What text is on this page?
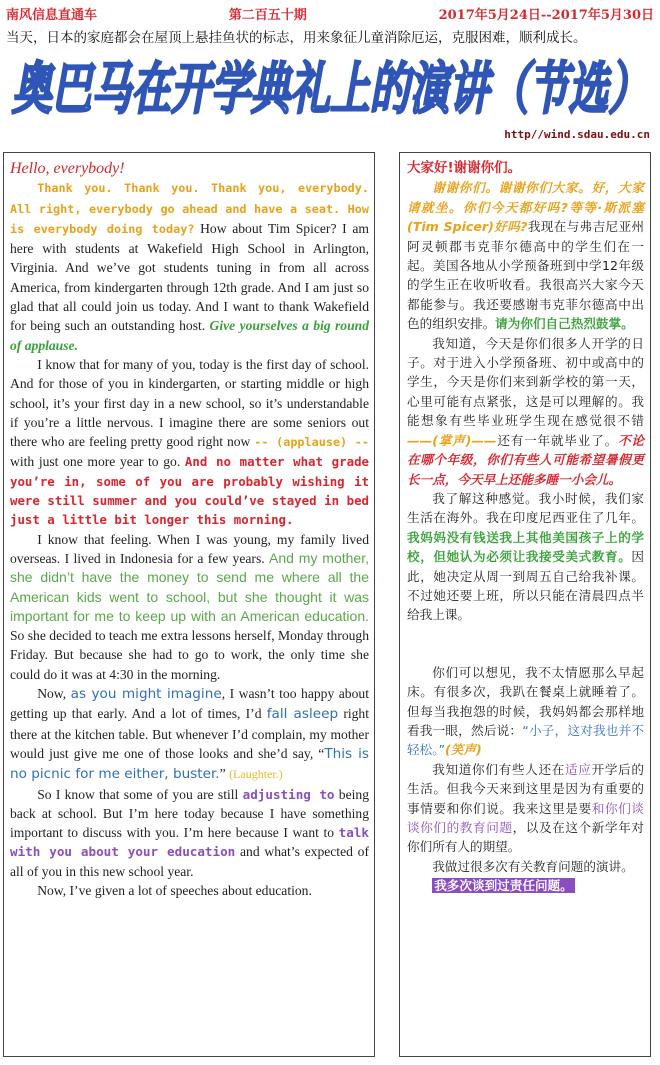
南风信息直通车	第二百五十期	2017年5月24日--2017年5月30日
当天，日本的家庭都会在屋顶上悬挂鱼状的标志，用来象征儿童消除厄运，克服困难，顺利成长。
奥巴马在开学典礼上的演讲（节选）
http//wind.sdau.edu.cn

Hello, everybody!

Thank you. Thank you. Thank you, everybody. All right, everybody go ahead and have a seat. How is everybody doing today? How about Tim Spicer? I am here with students at Wakefield High School in Arlington, Virginia. And we’ve got students tuning in from all across America, from kindergarten through 12th grade. And I am just so glad that all could join us today. And I want to thank Wakefield for being such an outstanding host. Give yourselves a big round of applause.

I know that for many of you, today is the first day of school. And for those of you in kindergarten, or starting middle or high school, it’s your first day in a new school, so it’s understandable if you’re a little nervous. I imagine there are some seniors out there who are feeling pretty good right now -- (applause) -- with just one more year to go. And no matter what grade you’re in, some of you are probably wishing it were still summer and you could’ve stayed in bed just a little bit longer this morning.

I know that feeling. When I was young, my family lived overseas. I lived in Indonesia for a few years. And my mother, she didn’t have the money to send me where all the American kids went to school, but she thought it was important for me to keep up with an American education. So she decided to teach me extra lessons herself, Monday through Friday. But because she had to go to work, the only time she could do it was at 4:30 in the morning.

Now, as you might imagine, I wasn’t too happy about getting up that early. And a lot of times, I’d fall asleep right there at the kitchen table. But whenever I’d complain, my mother would just give me one of those looks and she’d say, “This is no picnic for me either, buster.” (Laughter.)

So I know that some of you are still adjusting to being back at school. But I’m here today because I have something important to discuss with you. I’m here because I want to talk with you about your education and what’s expected of all of you in this new school year.

Now, I’ve given a lot of speeches about education.

大家好!谢谢你们。

谢谢你们。谢谢你们大家。好，大家请就坐。你们今天都好吗?等等·斯派塞(Tim Spicer)好吗?我现在与弗吉尼亚州阿灵顿郡韦克菲尔德高中的学生们在一起。美国各地从小学预备班到中学12年级的学生正在收听收看。我很高兴大家今天都能参与。我还要感谢韦克菲尔德高中出色的组织安排。请为你们自己热烈鼓掌。

我知道，今天是你们很多人开学的日子。对于进入小学预备班、初中或高中的学生，今天是你们来到新学校的第一天，心里可能有点紧张，这是可以理解的。我能想象有些毕业班学生现在感觉很不错——(掌声)——还有一年就毕业了。不论在哪个年级，你们有些人可能希望暑假更长一点，今天早上还能多睡一小会儿。

我了解这种感觉。我小时候，我们家生活在海外。我在印度尼西亚住了几年。我妈妈没有钱送我上其他美国孩子上的学校，但她认为必须让我接受美式教育。因此，她决定从周一到周五自己给我补课。不过她还要上班，所以只能在清晨四点半给我上课。

你们可以想见，我不太情愿那么早起床。有很多次，我趴在餐桌上就睡着了。但每当我抱怨的时候，我妈妈都会那样地看我一眼，然后说：“小子，这对我也并不轻松。”(笑声)

我知道你们有些人还在适应开学后的生活。但我今天来到这里是因为有重要的事情要和你们说。我来这里是要和你们谈谈你们的教育问题，以及在这个新学年对你们所有人的期望。

我做过很多次有关教育问题的演讲。

我多次谈到过责任问题。
